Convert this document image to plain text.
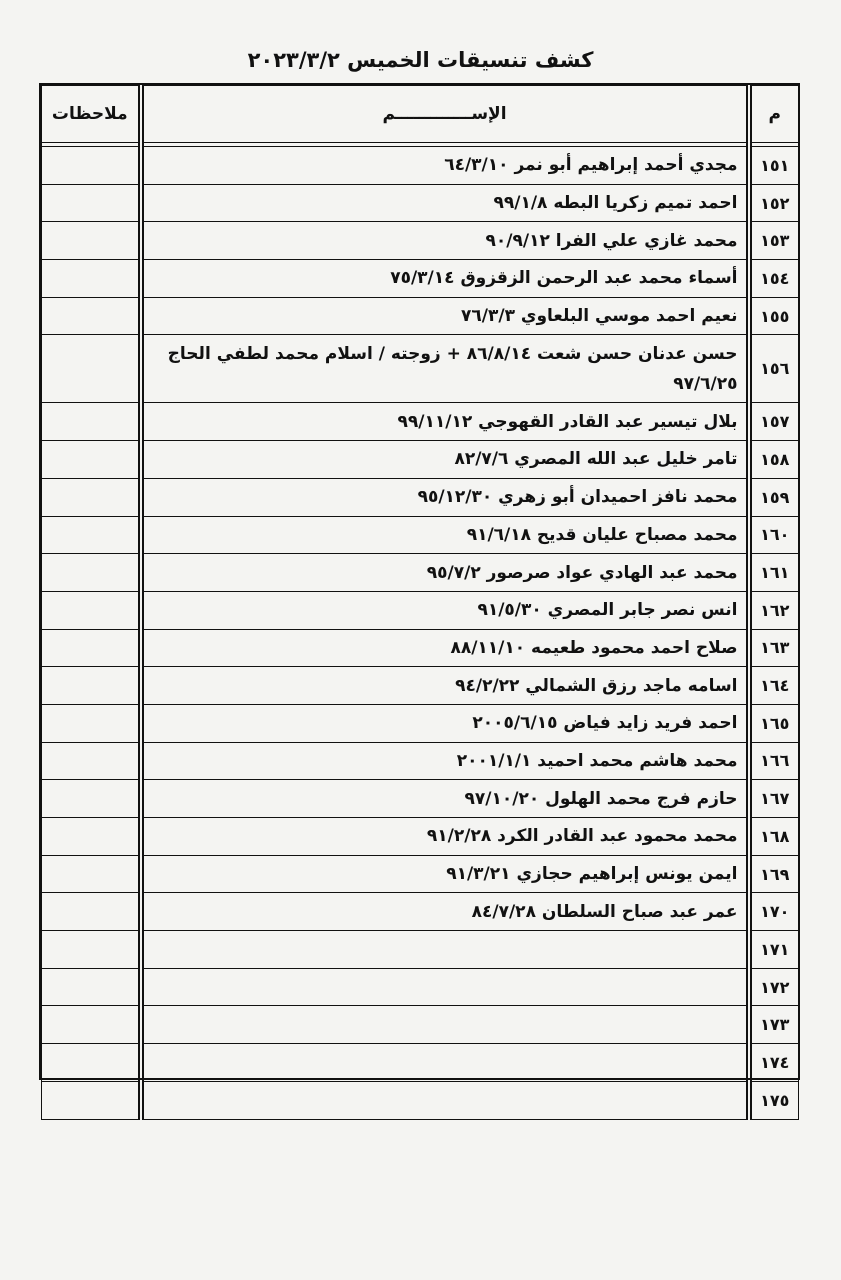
كشف تنسيقات الخميس ٢٠٢٣/٣/٢
م	الإســـــــــــــم	ملاحظات

١٥١	مجدي أحمد إبراهيم أبو نمر ٦٤/٣/١٠	
١٥٢	احمد تميم زكريا البطه ٩٩/١/٨	
١٥٣	محمد غازي علي الفرا ٩٠/٩/١٢	
١٥٤	أسماء محمد عبد الرحمن الزقزوق ٧٥/٣/١٤	
١٥٥	نعيم احمد موسي البلعاوي ٧٦/٣/٣	
١٥٦	حسن عدنان حسن شعت ٨٦/٨/١٤ + زوجته / اسلام محمد لطفي الحاج ٩٧/٦/٢٥	
١٥٧	بلال تيسير عبد القادر القهوجي ٩٩/١١/١٢	
١٥٨	تامر خليل عبد الله المصري ٨٢/٧/٦	
١٥٩	محمد نافز احميدان أبو زهري ٩٥/١٢/٣٠	
١٦٠	محمد مصباح عليان قديح ٩١/٦/١٨	
١٦١	محمد عبد الهادي عواد صرصور ٩٥/٧/٢	
١٦٢	انس نصر جابر المصري ٩١/٥/٣٠	
١٦٣	صلاح احمد محمود طعيمه ٨٨/١١/١٠	
١٦٤	اسامه ماجد رزق الشمالي ٩٤/٢/٢٢	
١٦٥	احمد فريد زايد فياض ٢٠٠٥/٦/١٥	
١٦٦	محمد هاشم محمد احميد ٢٠٠١/١/١	
١٦٧	حازم فرج محمد الهلول ٩٧/١٠/٢٠	
١٦٨	محمد محمود عبد القادر الكرد ٩١/٢/٢٨	
١٦٩	ايمن يونس إبراهيم حجازي ٩١/٣/٢١	
١٧٠	عمر عبد صباح السلطان ٨٤/٧/٢٨	
١٧١		
١٧٢		
١٧٣		
١٧٤		
١٧٥		
